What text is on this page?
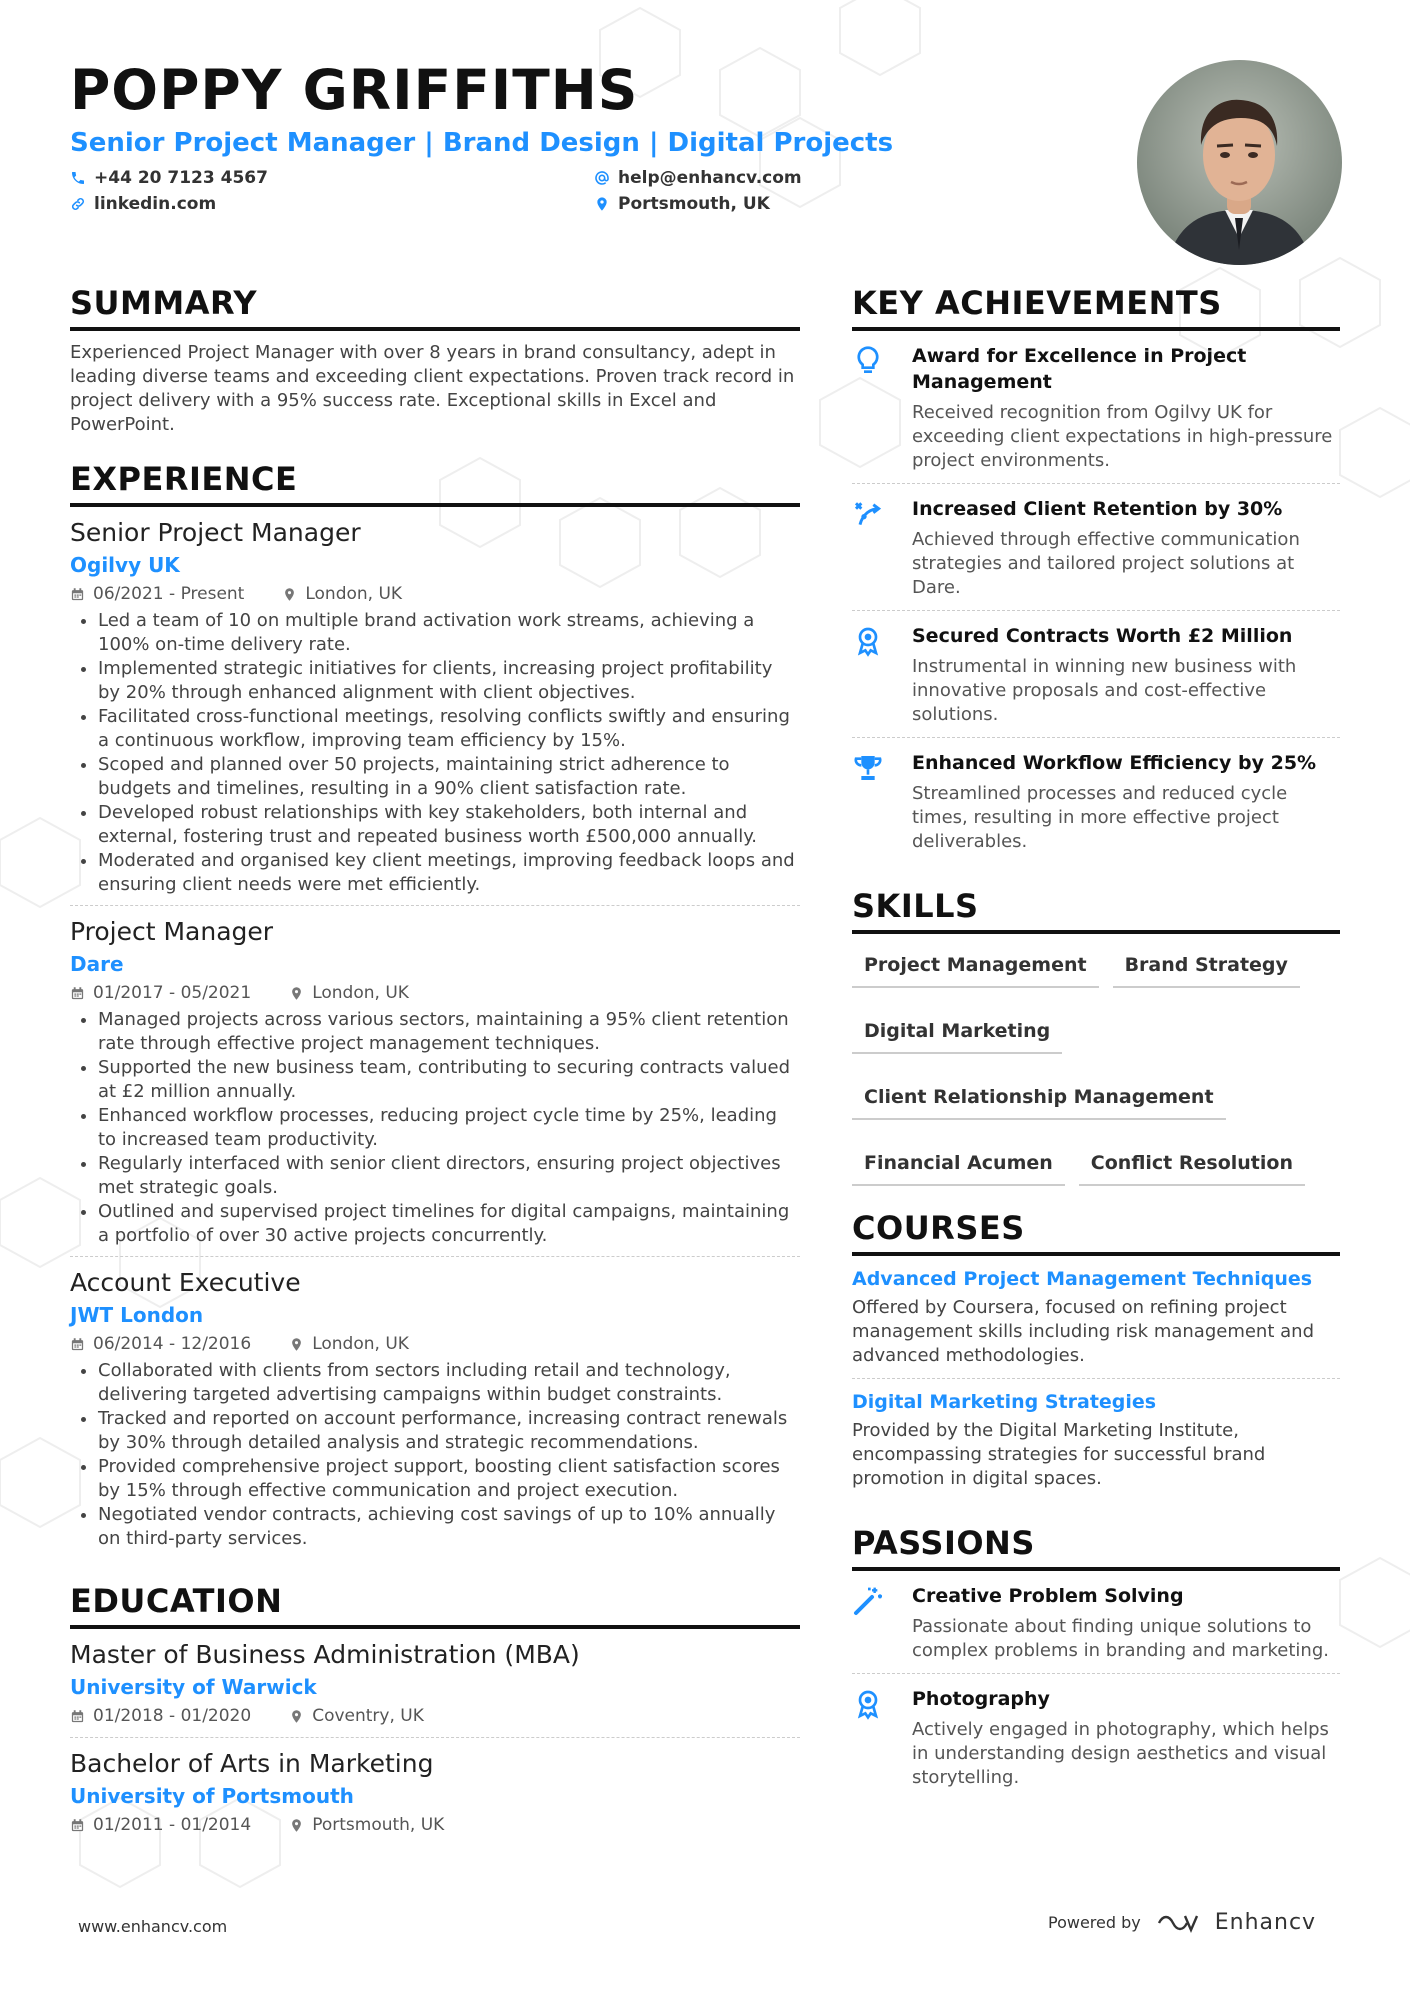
POPPY GRIFFITHS
Senior Project Manager | Brand Design | Digital Projects
+44 20 7123 4567	help@enhancv.com
linkedin.com	Portsmouth, UK
SUMMARY
Experienced Project Manager with over 8 years in brand consultancy, adept in leading diverse teams and exceeding client expectations. Proven track record in project delivery with a 95% success rate. Exceptional skills in Excel and PowerPoint.
EXPERIENCE
Senior Project Manager
Ogilvy UK
06/2021 - Present	London, UK
• Led a team of 10 on multiple brand activation work streams, achieving a 100% on-time delivery rate.
• Implemented strategic initiatives for clients, increasing project profitability by 20% through enhanced alignment with client objectives.
• Facilitated cross-functional meetings, resolving conflicts swiftly and ensuring a continuous workflow, improving team efficiency by 15%.
• Scoped and planned over 50 projects, maintaining strict adherence to budgets and timelines, resulting in a 90% client satisfaction rate.
• Developed robust relationships with key stakeholders, both internal and external, fostering trust and repeated business worth £500,000 annually.
• Moderated and organised key client meetings, improving feedback loops and ensuring client needs were met efficiently.
Project Manager
Dare
01/2017 - 05/2021	London, UK
• Managed projects across various sectors, maintaining a 95% client retention rate through effective project management techniques.
• Supported the new business team, contributing to securing contracts valued at £2 million annually.
• Enhanced workflow processes, reducing project cycle time by 25%, leading to increased team productivity.
• Regularly interfaced with senior client directors, ensuring project objectives met strategic goals.
• Outlined and supervised project timelines for digital campaigns, maintaining a portfolio of over 30 active projects concurrently.
Account Executive
JWT London
06/2014 - 12/2016	London, UK
• Collaborated with clients from sectors including retail and technology, delivering targeted advertising campaigns within budget constraints.
• Tracked and reported on account performance, increasing contract renewals by 30% through detailed analysis and strategic recommendations.
• Provided comprehensive project support, boosting client satisfaction scores by 15% through effective communication and project execution.
• Negotiated vendor contracts, achieving cost savings of up to 10% annually on third-party services.
EDUCATION
Master of Business Administration (MBA)
University of Warwick
01/2018 - 01/2020	Coventry, UK
Bachelor of Arts in Marketing
University of Portsmouth
01/2011 - 01/2014	Portsmouth, UK
KEY ACHIEVEMENTS
Award for Excellence in Project Management
Received recognition from Ogilvy UK for exceeding client expectations in high-pressure project environments.
Increased Client Retention by 30%
Achieved through effective communication strategies and tailored project solutions at Dare.
Secured Contracts Worth £2 Million
Instrumental in winning new business with innovative proposals and cost-effective solutions.
Enhanced Workflow Efficiency by 25%
Streamlined processes and reduced cycle times, resulting in more effective project deliverables.
SKILLS
Project Management	Brand Strategy
Digital Marketing
Client Relationship Management
Financial Acumen	Conflict Resolution
COURSES
Advanced Project Management Techniques
Offered by Coursera, focused on refining project management skills including risk management and advanced methodologies.
Digital Marketing Strategies
Provided by the Digital Marketing Institute, encompassing strategies for successful brand promotion in digital spaces.
PASSIONS
Creative Problem Solving
Passionate about finding unique solutions to complex problems in branding and marketing.
Photography
Actively engaged in photography, which helps in understanding design aesthetics and visual storytelling.
www.enhancv.com	Powered by	Enhancv
